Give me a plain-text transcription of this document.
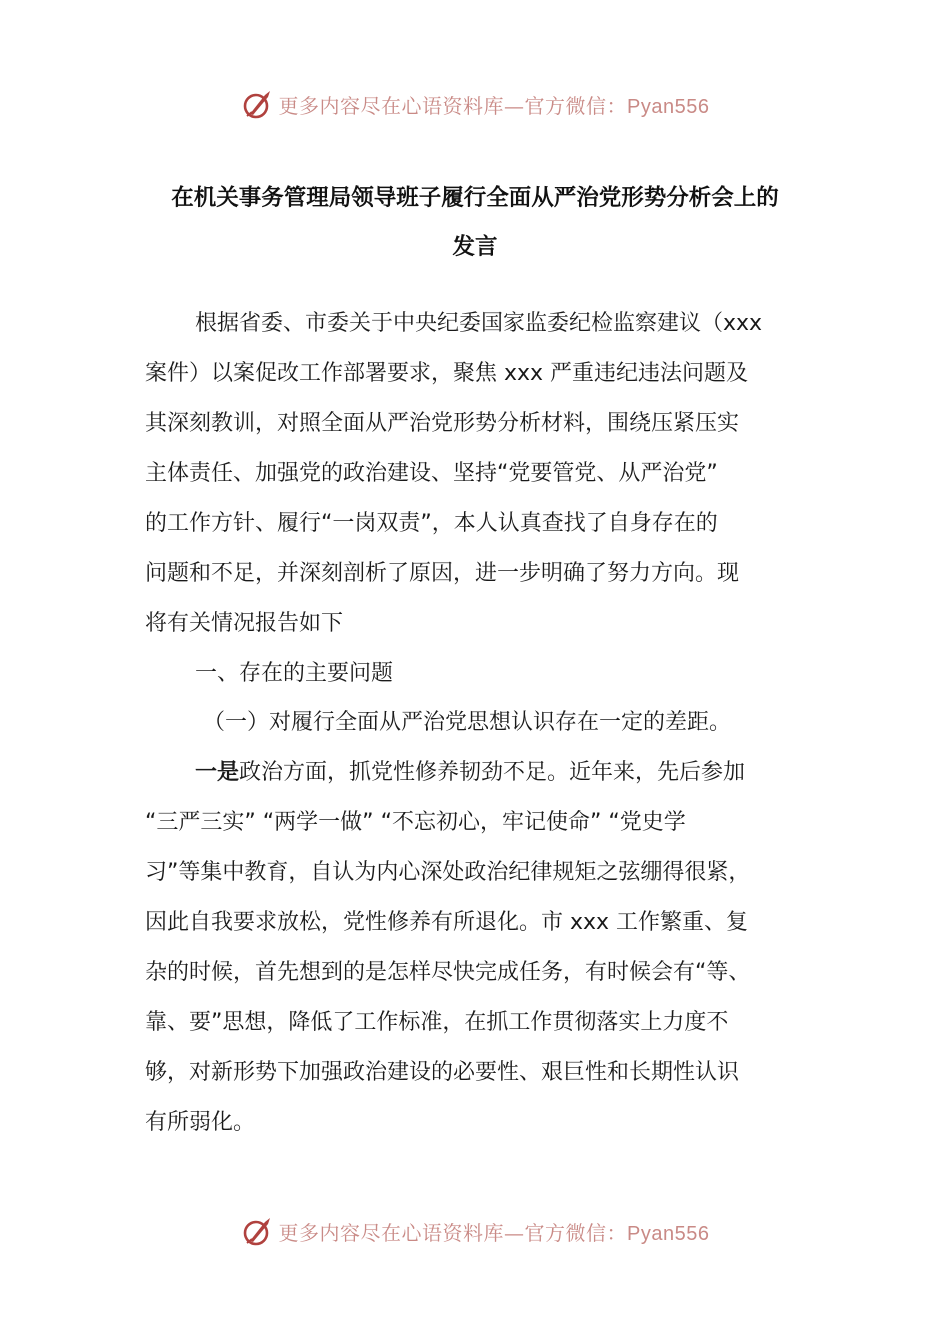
更多内容尽在心语资料库—官方微信：Pyan556
在机关事务管理局领导班子履行全面从严治党形势分析会上的
发言
根据省委、市委关于中央纪委国家监委纪检监察建议（xxx
案件）以案促改工作部署要求，聚焦 xxx 严重违纪违法问题及
其深刻教训，对照全面从严治党形势分析材料，围绕压紧压实
主体责任、加强党的政治建设、坚持“党要管党、从严治党”
的工作方针、履行“一岗双责”，本人认真查找了自身存在的
问题和不足，并深刻剖析了原因，进一步明确了努力方向。现
将有关情况报告如下
一、存在的主要问题
（一）对履行全面从严治党思想认识存在一定的差距。
一是政治方面，抓党性修养韧劲不足。近年来，先后参加
“三严三实” “两学一做” “不忘初心，牢记使命” “党史学
习”等集中教育，自认为内心深处政治纪律规矩之弦绷得很紧，
因此自我要求放松，党性修养有所退化。市 xxx 工作繁重、复
杂的时候，首先想到的是怎样尽快完成任务，有时候会有“等、
靠、要”思想，降低了工作标准，在抓工作贯彻落实上力度不
够，对新形势下加强政治建设的必要性、艰巨性和长期性认识
有所弱化。
更多内容尽在心语资料库—官方微信：Pyan556
